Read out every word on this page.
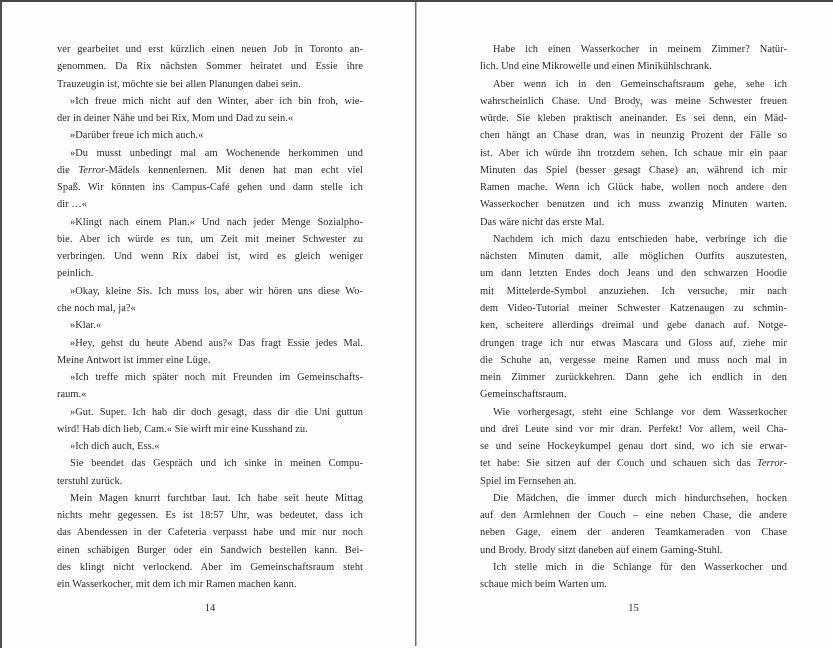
ver gearbeitet und erst kürzlich einen neuen Job in Toronto an-
genommen. Da Rix nächsten Sommer heiratet und Essie ihre
Trauzeugin ist, möchte sie bei allen Planungen dabei sein.
»Ich freue mich nicht auf den Winter, aber ich bin froh, wie-
der in deiner Nähe und bei Rix, Mom und Dad zu sein.«
»Darüber freue ich mich auch.«
»Du musst unbedingt mal am Wochenende herkommen und
die Terror-Mädels kennenlernen. Mit denen hat man echt viel
Spaß. Wir könnten ins Campus-Café gehen und dann stelle ich
dir …«
»Klingt nach einem Plan.« Und nach jeder Menge Sozialpho-
bie. Aber ich würde es tun, um Zeit mit meiner Schwester zu
verbringen. Und wenn Rix dabei ist, wird es gleich weniger
peinlich.
»Okay, kleine Sis. Ich muss los, aber wir hören uns diese Wo-
che noch mal, ja?«
»Klar.«
»Hey, gehst du heute Abend aus?« Das fragt Essie jedes Mal.
Meine Antwort ist immer eine Lüge.
»Ich treffe mich später noch mit Freunden im Gemeinschafts-
raum.«
»Gut. Super. Ich hab dir doch gesagt, dass dir die Uni guttun
wird! Hab dich lieb, Cam.« Sie wirft mir eine Kusshand zu.
»Ich dich auch, Ess.«
Sie beendet das Gespräch und ich sinke in meinen Compu-
terstuhl zurück.
Mein Magen knurrt furchtbar laut. Ich habe seit heute Mittag
nichts mehr gegessen. Es ist 18:57 Uhr, was bedeutet, dass ich
das Abendessen in der Cafeteria verpasst habe und mir nur noch
einen schäbigen Burger oder ein Sandwich bestellen kann. Bei-
des klingt nicht verlockend. Aber im Gemeinschaftsraum steht
ein Wasserkocher, mit dem ich mir Ramen machen kann.
14
Habe ich einen Wasserkocher in meinem Zimmer? Natür-
lich. Und eine Mikrowelle und einen Minikühlschrank.
Aber wenn ich in den Gemeinschaftsraum gehe, sehe ich
wahrscheinlich Chase. Und Brody, was meine Schwester freuen
würde. Sie kleben praktisch aneinander. Es sei denn, ein Mäd-
chen hängt an Chase dran, was in neunzig Prozent der Fälle so
ist. Aber ich würde ihn trotzdem sehen. Ich schaue mir ein paar
Minuten das Spiel (besser gesagt Chase) an, während ich mir
Ramen mache. Wenn ich Glück habe, wollen noch andere den
Wasserkocher benutzen und ich muss zwanzig Minuten warten.
Das wäre nicht das erste Mal.
Nachdem ich mich dazu entschieden habe, verbringe ich die
nächsten Minuten damit, alle möglichen Outfits auszutesten,
um dann letzten Endes doch Jeans und den schwarzen Hoodie
mit Mittelerde-Symbol anzuziehen. Ich versuche, mir nach
dem Video-Tutorial meiner Schwester Katzenaugen zu schmin-
ken, scheitere allerdings dreimal und gebe danach auf. Notge-
drungen trage ich nur etwas Mascara und Gloss auf, ziehe mir
die Schuhe an, vergesse meine Ramen und muss noch mal in
mein Zimmer zurückkehren. Dann gehe ich endlich in den
Gemeinschaftsraum.
Wie vorhergesagt, steht eine Schlange vor dem Wasserkocher
und drei Leute sind vor mir dran. Perfekt! Vor allem, weil Cha-
se und seine Hockeykumpel genau dort sind, wo ich sie erwar-
tet habe: Sie sitzen auf der Couch und schauen sich das Terror-
Spiel im Fernsehen an.
Die Mädchen, die immer durch mich hindurchsehen, hocken
auf den Armlehnen der Couch – eine neben Chase, die andere
neben Gage, einem der anderen Teamkameraden von Chase
und Brody. Brody sitzt daneben auf einem Gaming-Stuhl.
Ich stelle mich in die Schlange für den Wasserkocher und
schaue mich beim Warten um.
15
